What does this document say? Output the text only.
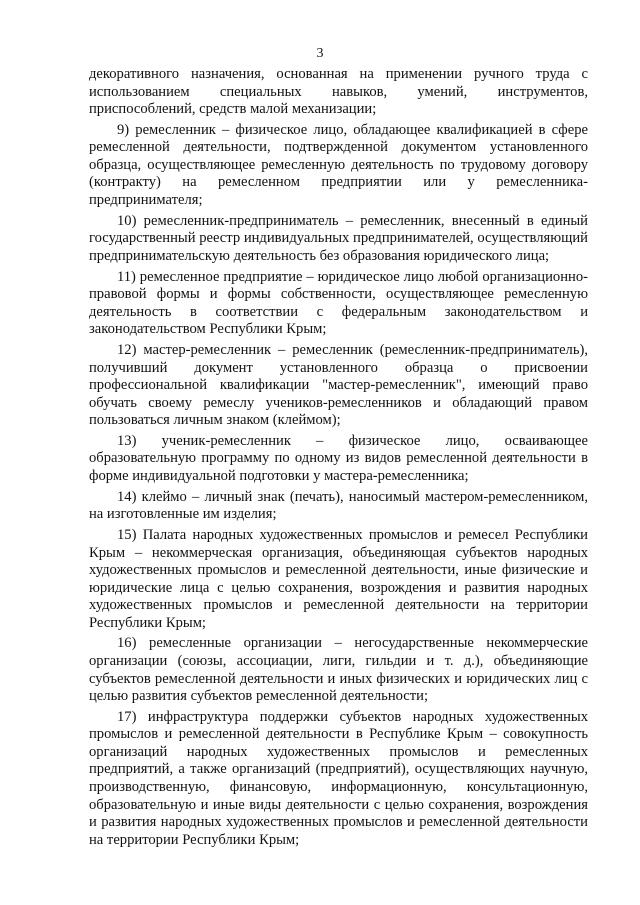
3

декоративного назначения, основанная на применении ручного труда с использованием специальных навыков, умений, инструментов, приспособлений, средств малой механизации;

9) ремесленник – физическое лицо, обладающее квалификацией в сфере ремесленной деятельности, подтвержденной документом установленного образца, осуществляющее ремесленную деятельность по трудовому договору (контракту) на ремесленном предприятии или у ремесленника-предпринимателя;

10) ремесленник-предприниматель – ремесленник, внесенный в единый государственный реестр индивидуальных предпринимателей, осуществляющий предпринимательскую деятельность без образования юридического лица;

11) ремесленное предприятие – юридическое лицо любой организационно-правовой формы и формы собственности, осуществляющее ремесленную деятельность в соответствии с федеральным законодательством и законодательством Республики Крым;

12) мастер-ремесленник – ремесленник (ремесленник-предприниматель), получивший документ установленного образца о присвоении профессиональной квалификации "мастер-ремесленник", имеющий право обучать своему ремеслу учеников-ремесленников и обладающий правом пользоваться личным знаком (клеймом);

13) ученик-ремесленник – физическое лицо, осваивающее образовательную программу по одному из видов ремесленной деятельности в форме индивидуальной подготовки у мастера-ремесленника;

14) клеймо – личный знак (печать), наносимый мастером-ремесленником, на изготовленные им изделия;

15) Палата народных художественных промыслов и ремесел Республики Крым – некоммерческая организация, объединяющая субъектов народных художественных промыслов и ремесленной деятельности, иные физические и юридические лица с целью сохранения, возрождения и развития народных художественных промыслов и ремесленной деятельности на территории Республики Крым;

16) ремесленные организации – негосударственные некоммерческие организации (союзы, ассоциации, лиги, гильдии и т. д.), объединяющие субъектов ремесленной деятельности и иных физических и юридических лиц с целью развития субъектов ремесленной деятельности;

17) инфраструктура поддержки субъектов народных художественных промыслов и ремесленной деятельности в Республике Крым – совокупность организаций народных художественных промыслов и ремесленных предприятий, а также организаций (предприятий), осуществляющих научную, производственную, финансовую, информационную, консультационную, образовательную и иные виды деятельности с целью сохранения, возрождения и развития народных художественных промыслов и ремесленной деятельности на территории Республики Крым;
